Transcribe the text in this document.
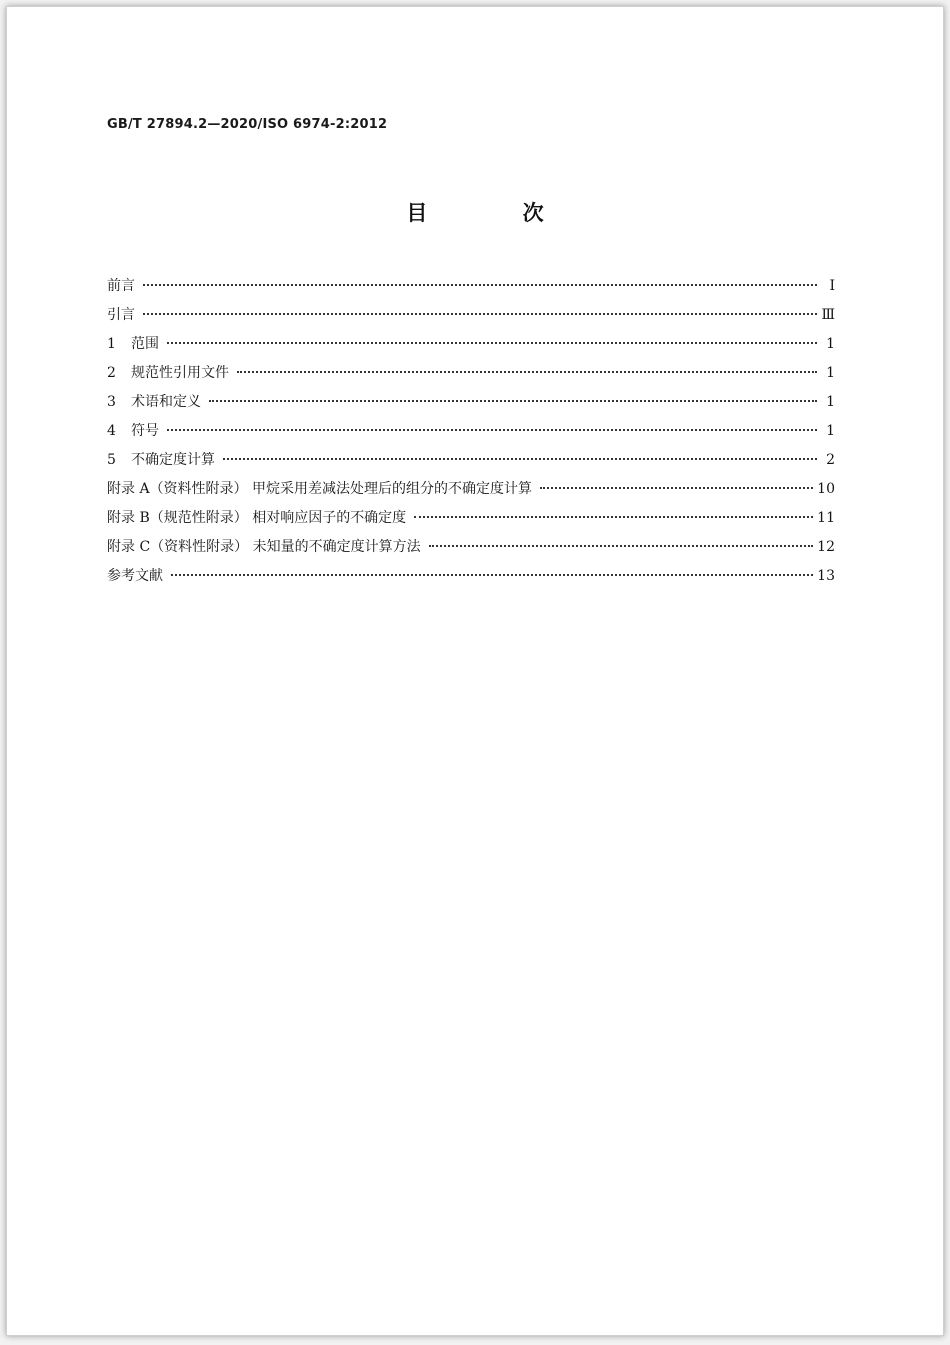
GB/T 27894.2—2020/ISO 6974-2:2012
目 次
前言	Ⅰ
引言	Ⅲ
1 范围	1
2 规范性引用文件	1
3 术语和定义	1
4 符号	1
5 不确定度计算	2
附录 A（资料性附录） 甲烷采用差减法处理后的组分的不确定度计算	10
附录 B（规范性附录） 相对响应因子的不确定度	11
附录 C（资料性附录） 未知量的不确定度计算方法	12
参考文献	13
